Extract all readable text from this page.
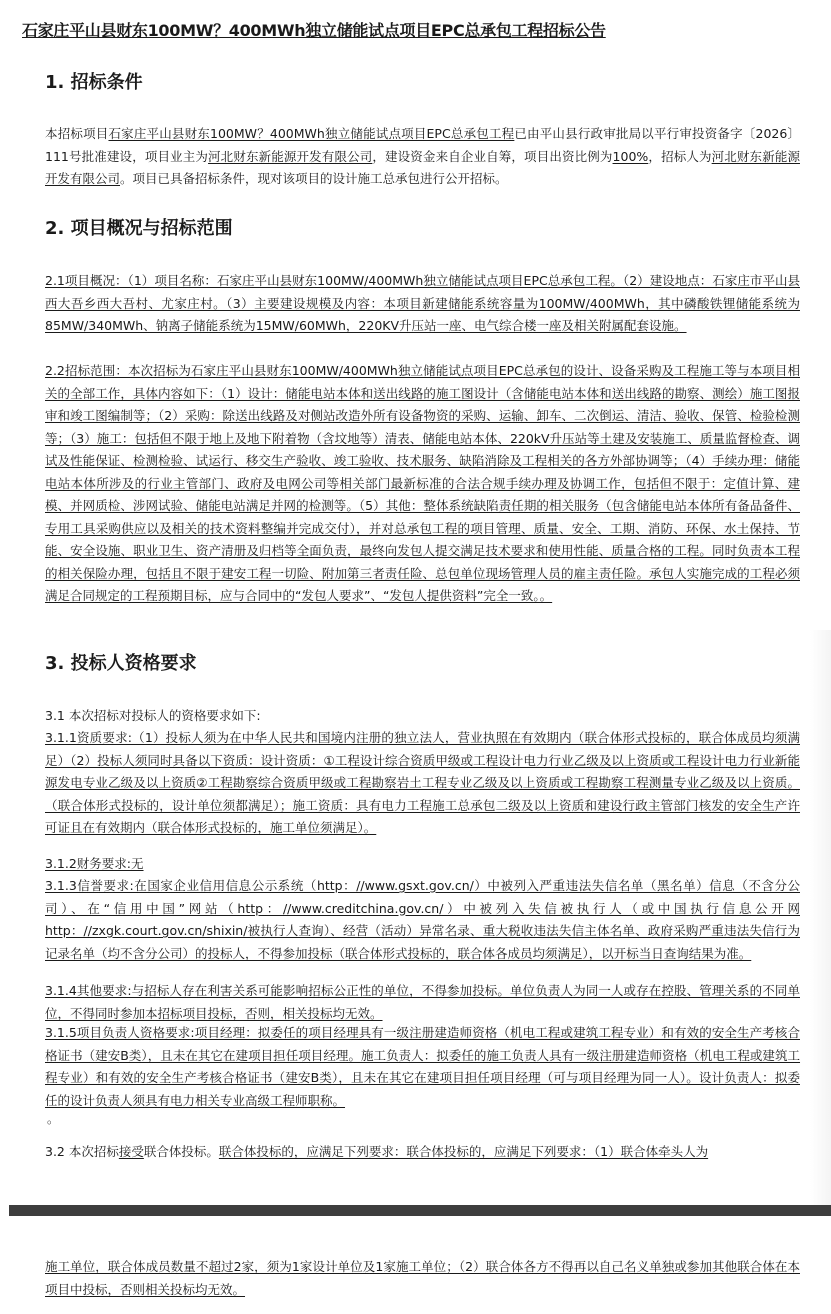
石家庄平山县财东100MW？400MWh独立储能试点项目EPC总承包工程招标公告
1. 招标条件

本招标项目石家庄平山县财东100MW？400MWh独立储能试点项目EPC总承包工程已由平山县行政审批局以平行审投资备字〔2026〕111号批准建设，项目业主为河北财东新能源开发有限公司，建设资金来自企业自筹，项目出资比例为100%，招标人为河北财东新能源开发有限公司。项目已具备招标条件，现对该项目的设计施工总承包进行公开招标。

2. 项目概况与招标范围

2.1项目概况：（1）项目名称：石家庄平山县财东100MW/400MWh独立储能试点项目EPC总承包工程。（2）建设地点：石家庄市平山县西大吾乡西大吾村、尤家庄村。（3）主要建设规模及内容：本项目新建储能系统容量为100MW/400MWh，其中磷酸铁锂储能系统为85MW/340MWh、钠离子储能系统为15MW/60MWh，220KV升压站一座、电气综合楼一座及相关附属配套设施。

2.2招标范围：本次招标为石家庄平山县财东100MW/400MWh独立储能试点项目EPC总承包的设计、设备采购及工程施工等与本项目相关的全部工作，具体内容如下：（1）设计：储能电站本体和送出线路的施工图设计（含储能电站本体和送出线路的勘察、测绘）施工图报审和竣工图编制等；（2）采购：除送出线路及对侧站改造外所有设备物资的采购、运输、卸车、二次倒运、清洁、验收、保管、检验检测等；（3）施工：包括但不限于地上及地下附着物（含坟地等）清表、储能电站本体、220kV升压站等土建及安装施工、质量监督检查、调试及性能保证、检测检验、试运行、移交生产验收、竣工验收、技术服务、缺陷消除及工程相关的各方外部协调等；（4）手续办理：储能电站本体所涉及的行业主管部门、政府及电网公司等相关部门最新标准的合法合规手续办理及协调工作，包括但不限于：定值计算、建模、并网质检、涉网试验、储能电站满足并网的检测等。（5）其他：整体系统缺陷责任期的相关服务（包含储能电站本体所有备品备件、专用工具采购供应以及相关的技术资料整编并完成交付），并对总承包工程的项目管理、质量、安全、工期、消防、环保、水土保持、节能、安全设施、职业卫生、资产清册及归档等全面负责，最终向发包人提交满足技术要求和使用性能、质量合格的工程。同时负责本工程的相关保险办理，包括且不限于建安工程一切险、附加第三者责任险、总包单位现场管理人员的雇主责任险。承包人实施完成的工程必须满足合同规定的工程预期目标，应与合同中的“发包人要求”、“发包人提供资料”完全一致。。

3. 投标人资格要求

3.1 本次招标对投标人的资格要求如下:

3.1.1资质要求:（1）投标人须为在中华人民共和国境内注册的独立法人，营业执照在有效期内（联合体形式投标的，联合体成员均须满足）（2）投标人须同时具备以下资质：设计资质：①工程设计综合资质甲级或工程设计电力行业乙级及以上资质或工程设计电力行业新能源发电专业乙级及以上资质②工程勘察综合资质甲级或工程勘察岩土工程专业乙级及以上资质或工程勘察工程测量专业乙级及以上资质。（联合体形式投标的，设计单位须都满足）；施工资质：具有电力工程施工总承包二级及以上资质和建设行政主管部门核发的安全生产许可证且在有效期内（联合体形式投标的，施工单位须满足）。

3.1.2财务要求:无

3.1.3信誉要求:在国家企业信用信息公示系统（http：//www.gsxt.gov.cn/）中被列入严重违法失信名单（黑名单）信息（不含分公司）、在“信用中国”网站（http：//www.creditchina.gov.cn/）中被列入失信被执行人（或中国执行信息公开网http：//zxgk.court.gov.cn/shixin/被执行人查询）、经营（活动）异常名录、重大税收违法失信主体名单、政府采购严重违法失信行为记录名单（均不含分公司）的投标人，不得参加投标（联合体形式投标的，联合体各成员均须满足），以开标当日查询结果为准。

3.1.4其他要求:与招标人存在利害关系可能影响招标公正性的单位，不得参加投标。单位负责人为同一人或存在控股、管理关系的不同单位，不得同时参加本招标项目投标，否则，相关投标均无效。

3.1.5项目负责人资格要求:项目经理：拟委任的项目经理具有一级注册建造师资格（机电工程或建筑工程专业）和有效的安全生产考核合格证书（建安B类），且未在其它在建项目担任项目经理。施工负责人：拟委任的施工负责人具有一级注册建造师资格（机电工程或建筑工程专业）和有效的安全生产考核合格证书（建安B类），且未在其它在建项目担任项目经理（可与项目经理为同一人）。设计负责人：拟委任的设计负责人须具有电力相关专业高级工程师职称。

。

3.2 本次招标接受联合体投标。联合体投标的，应满足下列要求：联合体投标的，应满足下列要求：（1）联合体牵头人为

施工单位，联合体成员数量不超过2家，须为1家设计单位及1家施工单位；（2）联合体各方不得再以自己名义单独或参加其他联合体在本项目中投标，否则相关投标均无效。
